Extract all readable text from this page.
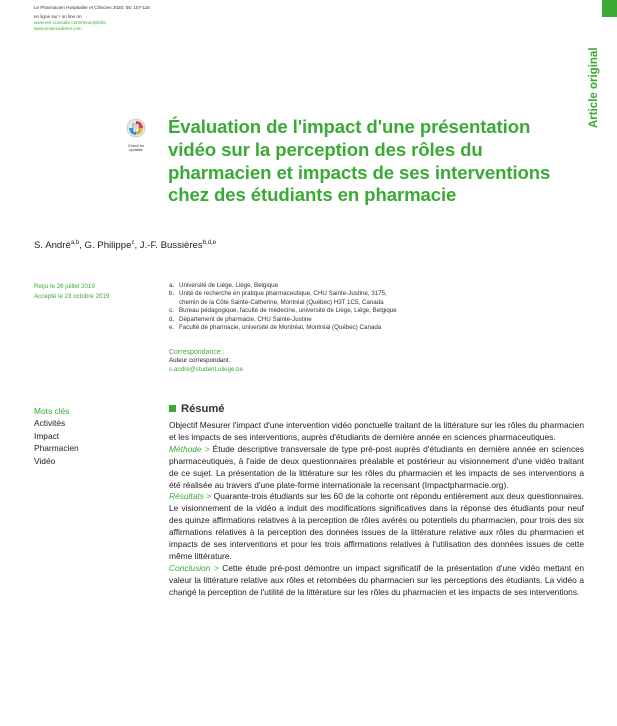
Le Pharmacien Hospitalier et Clinicien 2020; 55: 107-116
en ligne sur / on line on
www.em-consulte.com/revue/phclin
www.sciencedirect.com
Article original
Check for
updates
Évaluation de l'impact d'une présentation vidéo sur la perception des rôles du pharmacien et impacts de ses interventions chez des étudiants en pharmacie
S. André$^{a,b}$, G. Philippe$^c$, J.-F. Bussières$^{b,d,e}$
Reçu le 26 juillet 2019
Accepté le 23 octobre 2019
a. Université de Liège, Liège, Belgique
b. Unité de recherche en pratique pharmaceutique, CHU Sainte-Justine, 3175,
chemin de la Côte Sainte-Catherine, Montréal (Québec) H3T 1C5, Canada
c. Bureau pédagogique, faculté de médecine, université de Liège, Liège, Belgique
d. Département de pharmacie, CHU Sainte-Justine
e. Faculté de pharmacie, université de Montréal, Montréal (Québec) Canada
Correspondance :
Auteur correspondant.
s.andre@student.uliege.be
Mots clés
Activités
Impact
Pharmacien
Vidéo
Résumé

Objectif Mesurer l'impact d'une intervention vidéo ponctuelle traitant de la littérature sur les rôles du pharmacien et les impacts de ses interventions, auprès d'étudiants de dernière année en sciences pharmaceutiques.

Méthode > Étude descriptive transversale de type pré-post auprès d'étudiants en dernière année en sciences pharmaceutiques, à l'aide de deux questionnaires préalable et postérieur au visionnement d'une vidéo traitant de ce sujet. La présentation de la littérature sur les rôles du pharmacien et les impacts de ses interventions a été réalisée au travers d'une plate-forme internationale la recensant (Impactpharmacie.org).

Résultats > Quarante-trois étudiants sur les 60 de la cohorte ont répondu entièrement aux deux questionnaires. Le visionnement de la vidéo a induit des modifications significatives dans la réponse des étudiants pour neuf des quinze affirmations relatives à la perception de rôles avérés ou potentiels du pharmacien, pour trois des six affirmations relatives à la perception des données issues de la littérature relative aux rôles du pharmacien et impacts de ses interventions et pour les trois affirmations relatives à l'utilisation des données issues de cette même littérature.

Conclusion > Cette étude pré-post démontre un impact significatif de la présentation d'une vidéo mettant en valeur la littérature relative aux rôles et retombées du pharmacien sur les perceptions des étudiants. La vidéo a changé la perception de l'utilité de la littérature sur les rôles du pharmacien et les impacts de ses interventions.
